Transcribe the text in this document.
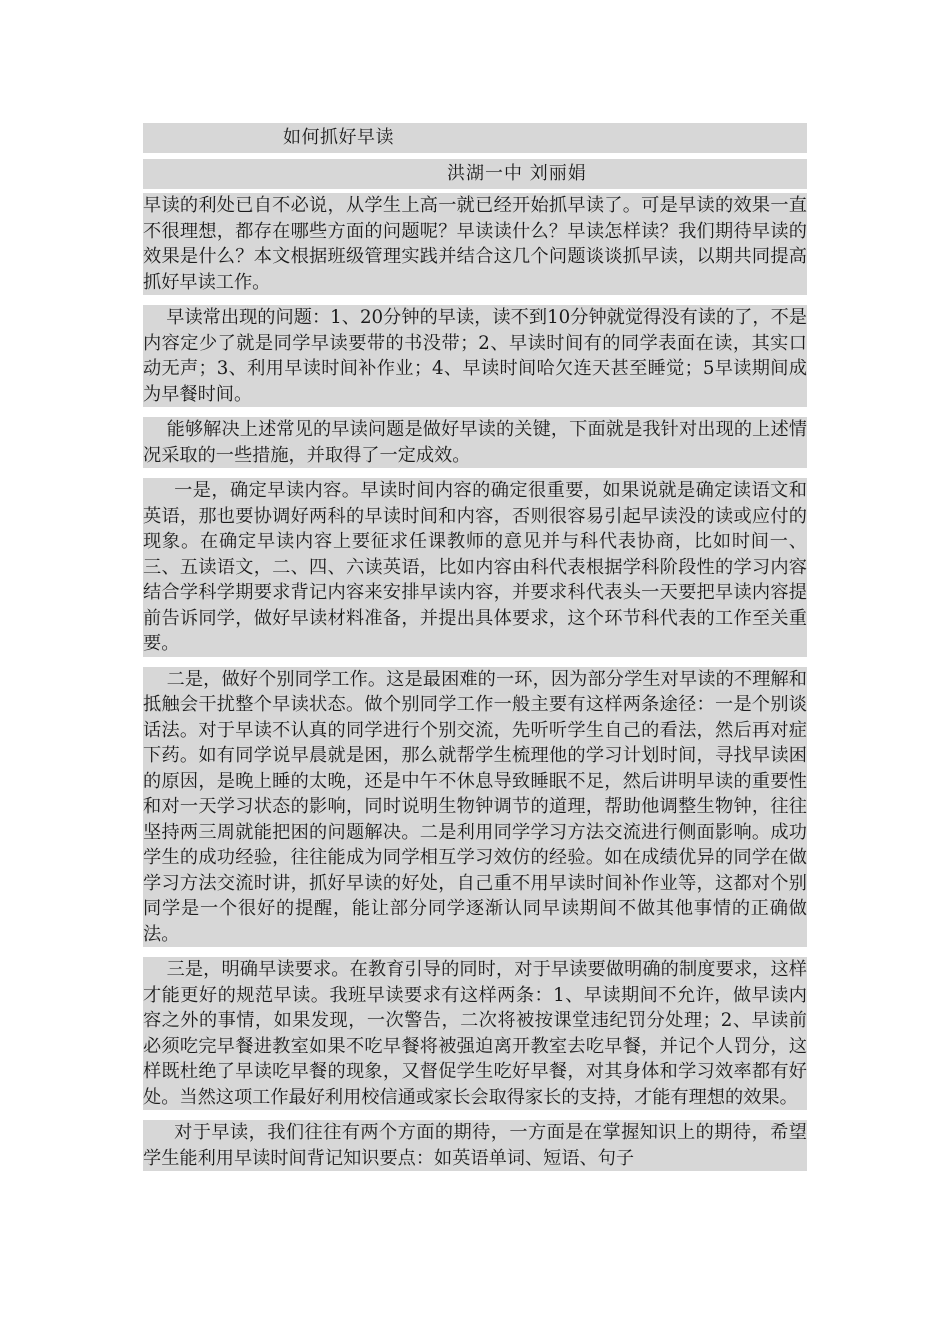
如何抓好早读
洪湖一中 刘丽娟

早读的利处已自不必说，从学生上高一就已经开始抓早读了。可是早读的效果一直不很理想，都存在哪些方面的问题呢？早读读什么？早读怎样读？我们期待早读的效果是什么？本文根据班级管理实践并结合这几个问题谈谈抓早读，以期共同提高抓好早读工作。

早读常出现的问题：1、20分钟的早读，读不到10分钟就觉得没有读的了，不是内容定少了就是同学早读要带的书没带；2、早读时间有的同学表面在读，其实口动无声；3、利用早读时间补作业；4、早读时间哈欠连天甚至睡觉；5早读期间成为早餐时间。

能够解决上述常见的早读问题是做好早读的关键，下面就是我针对出现的上述情况采取的一些措施，并取得了一定成效。

一是，确定早读内容。早读时间内容的确定很重要，如果说就是确定读语文和英语，那也要协调好两科的早读时间和内容，否则很容易引起早读没的读或应付的现象。在确定早读内容上要征求任课教师的意见并与科代表协商，比如时间一、三、五读语文，二、四、六读英语，比如内容由科代表根据学科阶段性的学习内容结合学科学期要求背记内容来安排早读内容，并要求科代表头一天要把早读内容提前告诉同学，做好早读材料准备，并提出具体要求，这个环节科代表的工作至关重要。

二是，做好个别同学工作。这是最困难的一环，因为部分学生对早读的不理解和抵触会干扰整个早读状态。做个别同学工作一般主要有这样两条途径：一是个别谈话法。对于早读不认真的同学进行个别交流，先听听学生自己的看法，然后再对症下药。如有同学说早晨就是困，那么就帮学生梳理他的学习计划时间，寻找早读困的原因，是晚上睡的太晚，还是中午不休息导致睡眠不足，然后讲明早读的重要性和对一天学习状态的影响，同时说明生物钟调节的道理，帮助他调整生物钟，往往坚持两三周就能把困的问题解决。二是利用同学学习方法交流进行侧面影响。成功学生的成功经验，往往能成为同学相互学习效仿的经验。如在成绩优异的同学在做学习方法交流时讲，抓好早读的好处，自己重不用早读时间补作业等，这都对个别同学是一个很好的提醒，能让部分同学逐渐认同早读期间不做其他事情的正确做法。

三是，明确早读要求。在教育引导的同时，对于早读要做明确的制度要求，这样才能更好的规范早读。我班早读要求有这样两条：1、早读期间不允许，做早读内容之外的事情，如果发现，一次警告，二次将被按课堂违纪罚分处理；2、早读前必须吃完早餐进教室如果不吃早餐将被强迫离开教室去吃早餐，并记个人罚分，这样既杜绝了早读吃早餐的现象，又督促学生吃好早餐，对其身体和学习效率都有好处。当然这项工作最好利用校信通或家长会取得家长的支持，才能有理想的效果。

对于早读，我们往往有两个方面的期待，一方面是在掌握知识上的期待，希望学生能利用早读时间背记知识要点：如英语单词、短语、句子
